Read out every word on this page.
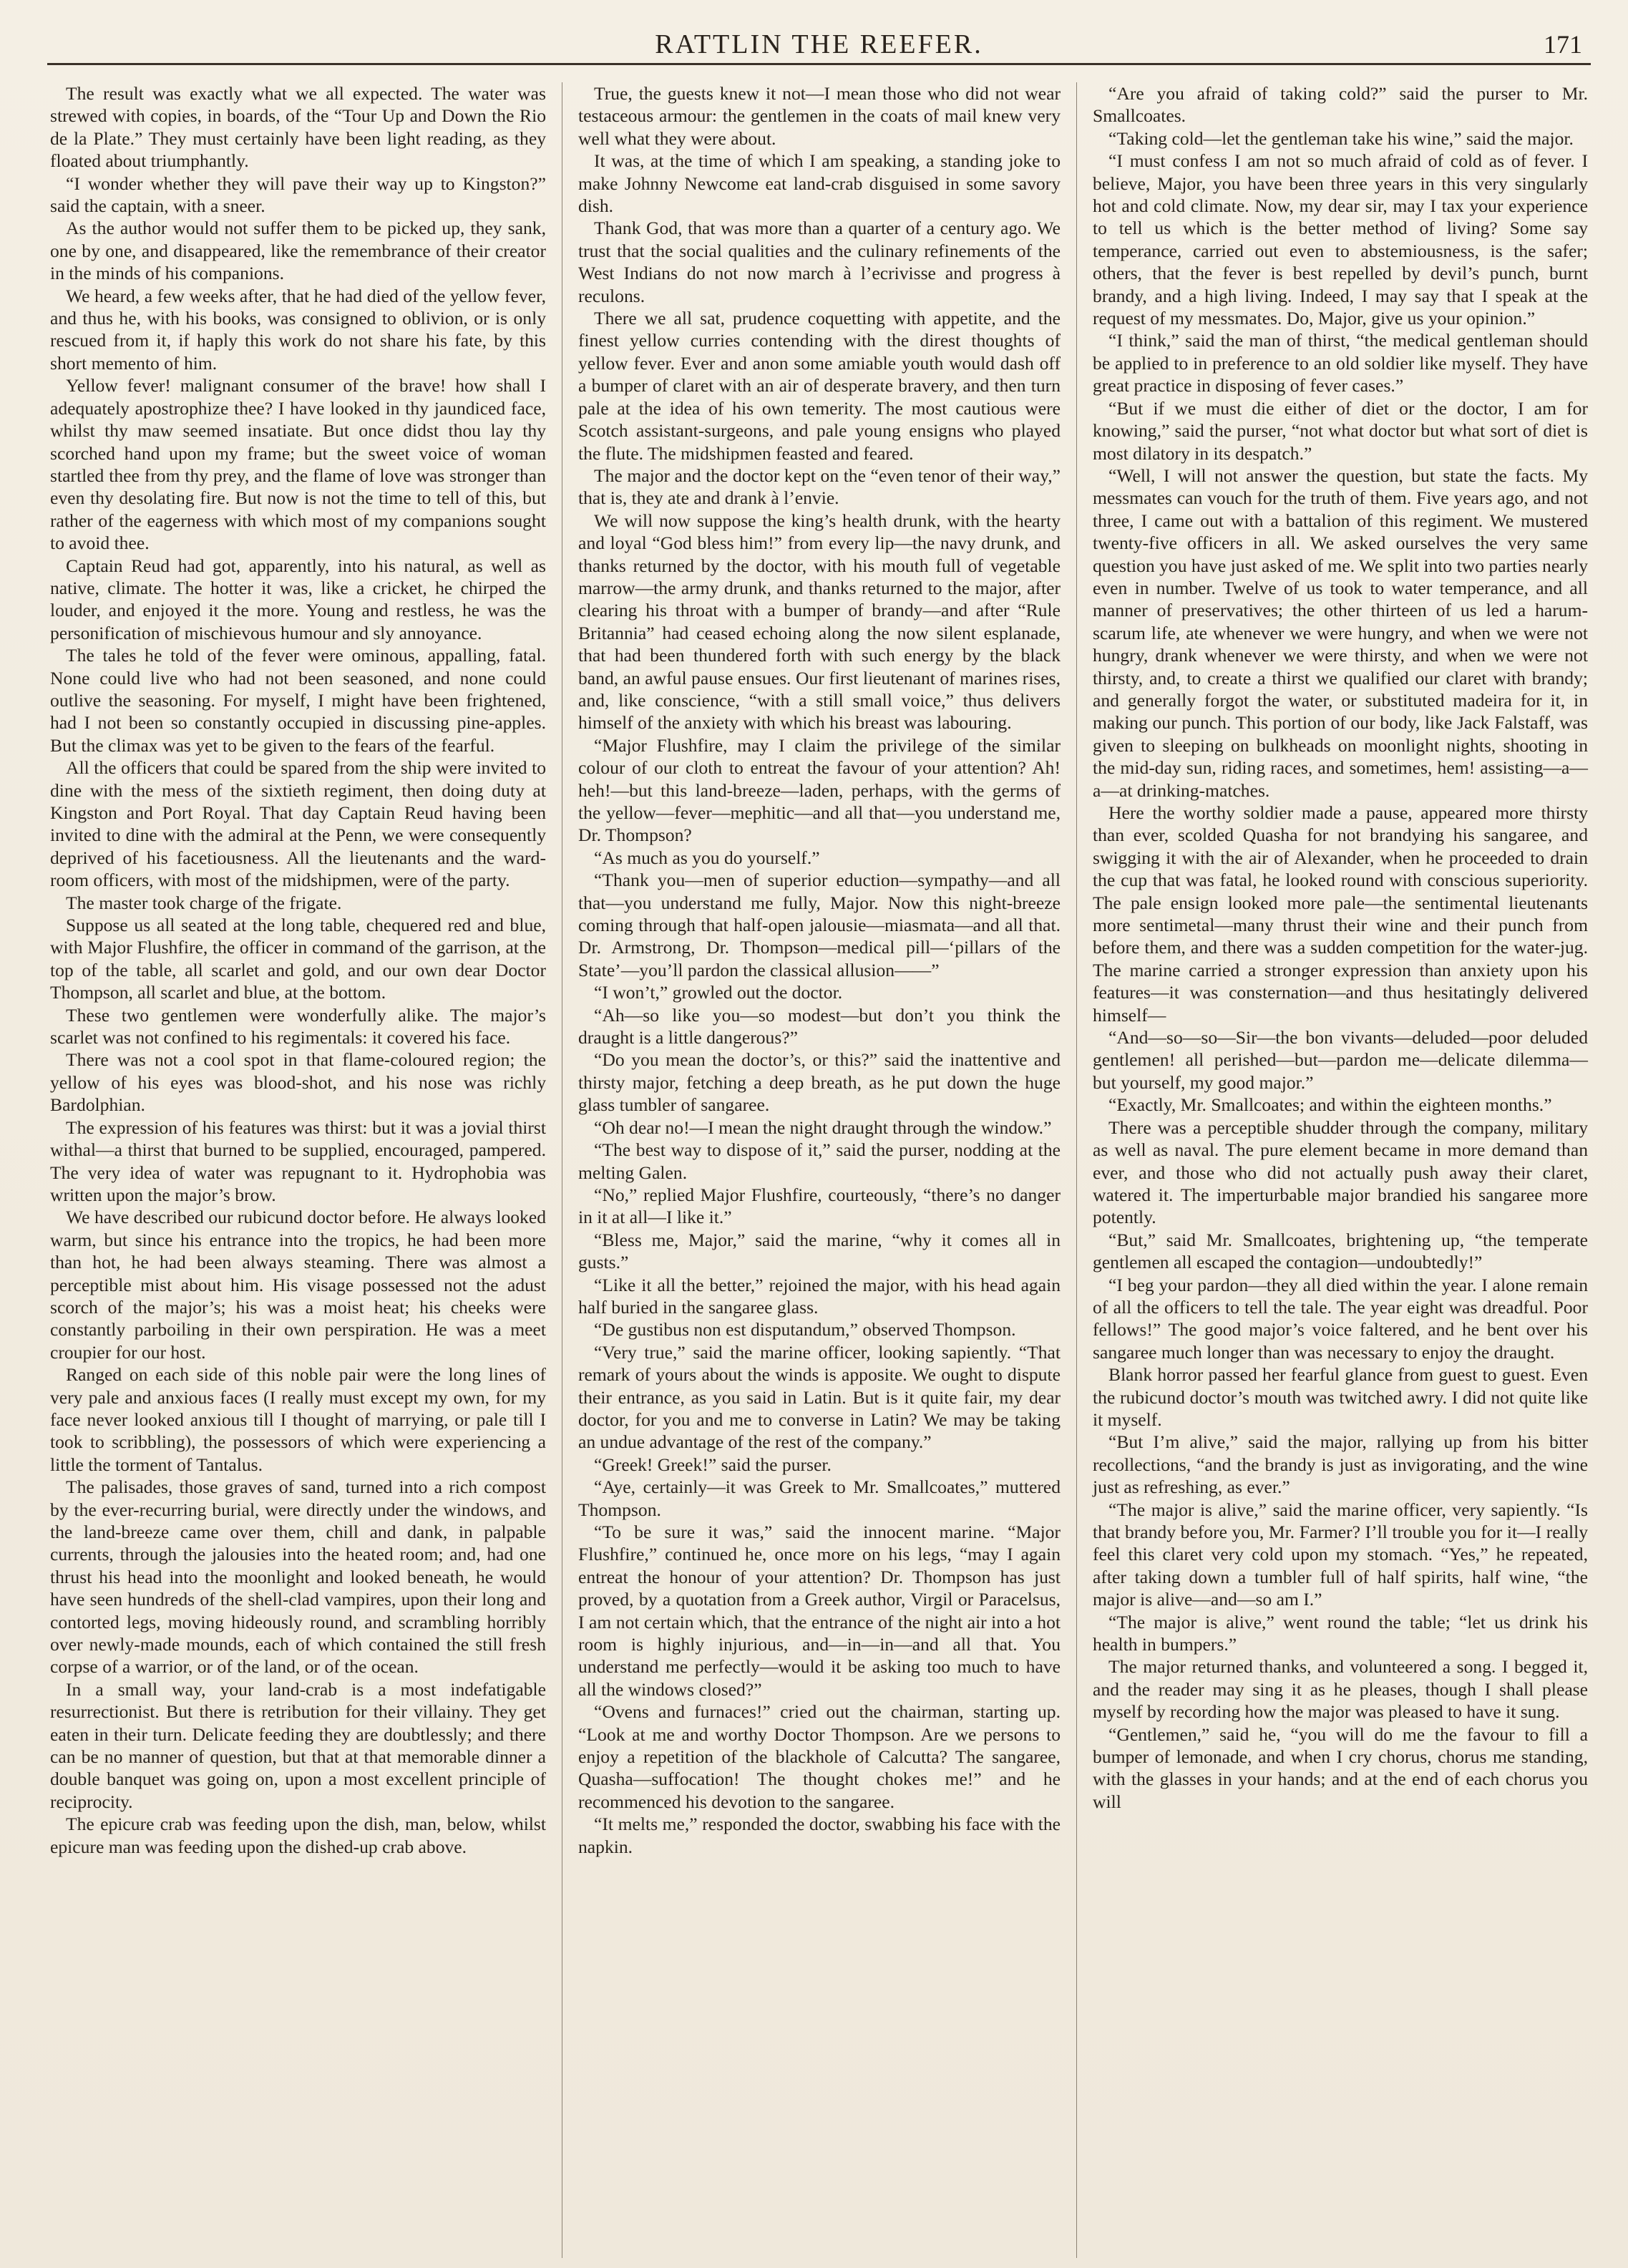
RATTLIN THE REEFER.	171

The result was exactly what we all expected. The water was strewed with copies, in boards, of the “Tour Up and Down the Rio de la Plate.” They must certainly have been light reading, as they floated about triumphantly.

“I wonder whether they will pave their way up to Kingston?” said the captain, with a sneer.

As the author would not suffer them to be picked up, they sank, one by one, and disappeared, like the remembrance of their creator in the minds of his companions.

We heard, a few weeks after, that he had died of the yellow fever, and thus he, with his books, was consigned to oblivion, or is only rescued from it, if haply this work do not share his fate, by this short memento of him.

Yellow fever! malignant consumer of the brave! how shall I adequately apostrophize thee? I have looked in thy jaundiced face, whilst thy maw seemed insatiate. But once didst thou lay thy scorched hand upon my frame; but the sweet voice of woman startled thee from thy prey, and the flame of love was stronger than even thy desolating fire. But now is not the time to tell of this, but rather of the eagerness with which most of my companions sought to avoid thee.

Captain Reud had got, apparently, into his natural, as well as native, climate. The hotter it was, like a cricket, he chirped the louder, and enjoyed it the more. Young and restless, he was the personification of mischievous humour and sly annoyance.

The tales he told of the fever were ominous, appalling, fatal. None could live who had not been seasoned, and none could outlive the seasoning. For myself, I might have been frightened, had I not been so constantly occupied in discussing pine-apples. But the climax was yet to be given to the fears of the fearful.

All the officers that could be spared from the ship were invited to dine with the mess of the sixtieth regiment, then doing duty at Kingston and Port Royal. That day Captain Reud having been invited to dine with the admiral at the Penn, we were consequently deprived of his facetiousness. All the lieutenants and the ward-room officers, with most of the midshipmen, were of the party.

The master took charge of the frigate.

Suppose us all seated at the long table, chequered red and blue, with Major Flushfire, the officer in command of the garrison, at the top of the table, all scarlet and gold, and our own dear Doctor Thompson, all scarlet and blue, at the bottom.

These two gentlemen were wonderfully alike. The major’s scarlet was not confined to his regimentals: it covered his face.

There was not a cool spot in that flame-coloured region; the yellow of his eyes was blood-shot, and his nose was richly Bardolphian.

The expression of his features was thirst: but it was a jovial thirst withal—a thirst that burned to be supplied, encouraged, pampered. The very idea of water was repugnant to it. Hydrophobia was written upon the major’s brow.

We have described our rubicund doctor before. He always looked warm, but since his entrance into the tropics, he had been more than hot, he had been always steaming. There was almost a perceptible mist about him. His visage possessed not the adust scorch of the major’s; his was a moist heat; his cheeks were constantly parboiling in their own perspiration. He was a meet croupier for our host.

Ranged on each side of this noble pair were the long lines of very pale and anxious faces (I really must except my own, for my face never looked anxious till I thought of marrying, or pale till I took to scribbling), the possessors of which were experiencing a little the torment of Tantalus.

The palisades, those graves of sand, turned into a rich compost by the ever-recurring burial, were directly under the windows, and the land-breeze came over them, chill and dank, in palpable currents, through the jalousies into the heated room; and, had one thrust his head into the moonlight and looked beneath, he would have seen hundreds of the shell-clad vampires, upon their long and contorted legs, moving hideously round, and scrambling horribly over newly-made mounds, each of which contained the still fresh corpse of a warrior, or of the land, or of the ocean.

In a small way, your land-crab is a most indefatigable resurrectionist. But there is retribution for their villainy. They get eaten in their turn. Delicate feeding they are doubtlessly; and there can be no manner of question, but that at that memorable dinner a double banquet was going on, upon a most excellent principle of reciprocity.

The epicure crab was feeding upon the dish, man, below, whilst epicure man was feeding upon the dished-up crab above.

True, the guests knew it not—I mean those who did not wear testaceous armour: the gentlemen in the coats of mail knew very well what they were about.

It was, at the time of which I am speaking, a standing joke to make Johnny Newcome eat land-crab disguised in some savory dish.

Thank God, that was more than a quarter of a century ago. We trust that the social qualities and the culinary refinements of the West Indians do not now march à l’ecrivisse and progress à reculons.

There we all sat, prudence coquetting with appetite, and the finest yellow curries contending with the direst thoughts of yellow fever. Ever and anon some amiable youth would dash off a bumper of claret with an air of desperate bravery, and then turn pale at the idea of his own temerity. The most cautious were Scotch assistant-surgeons, and pale young ensigns who played the flute. The midshipmen feasted and feared.

The major and the doctor kept on the “even tenor of their way,” that is, they ate and drank à l’envie.

We will now suppose the king’s health drunk, with the hearty and loyal “God bless him!” from every lip—the navy drunk, and thanks returned by the doctor, with his mouth full of vegetable marrow—the army drunk, and thanks returned to the major, after clearing his throat with a bumper of brandy—and after “Rule Britannia” had ceased echoing along the now silent esplanade, that had been thundered forth with such energy by the black band, an awful pause ensues. Our first lieutenant of marines rises, and, like conscience, “with a still small voice,” thus delivers himself of the anxiety with which his breast was labouring.

“Major Flushfire, may I claim the privilege of the similar colour of our cloth to entreat the favour of your attention? Ah! heh!—but this land-breeze—laden, perhaps, with the germs of the yellow—fever—mephitic—and all that—you understand me, Dr. Thompson?

“As much as you do yourself.”

“Thank you—men of superior eduction—sympathy—and all that—you understand me fully, Major. Now this night-breeze coming through that half-open jalousie—miasmata—and all that. Dr. Armstrong, Dr. Thompson—medical pill—‘pillars of the State’—you’ll pardon the classical allusion——”

“I won’t,” growled out the doctor.

“Ah—so like you—so modest—but don’t you think the draught is a little dangerous?”

“Do you mean the doctor’s, or this?” said the inattentive and thirsty major, fetching a deep breath, as he put down the huge glass tumbler of sangaree.

“Oh dear no!—I mean the night draught through the window.”

“The best way to dispose of it,” said the purser, nodding at the melting Galen.

“No,” replied Major Flushfire, courteously, “there’s no danger in it at all—I like it.”

“Bless me, Major,” said the marine, “why it comes all in gusts.”

“Like it all the better,” rejoined the major, with his head again half buried in the sangaree glass.

“De gustibus non est disputandum,” observed Thompson.

“Very true,” said the marine officer, looking sapiently. “That remark of yours about the winds is apposite. We ought to dispute their entrance, as you said in Latin. But is it quite fair, my dear doctor, for you and me to converse in Latin? We may be taking an undue advantage of the rest of the company.”

“Greek! Greek!” said the purser.

“Aye, certainly—it was Greek to Mr. Smallcoates,” muttered Thompson.

“To be sure it was,” said the innocent marine. “Major Flushfire,” continued he, once more on his legs, “may I again entreat the honour of your attention? Dr. Thompson has just proved, by a quotation from a Greek author, Virgil or Paracelsus, I am not certain which, that the entrance of the night air into a hot room is highly injurious, and—in—in—and all that. You understand me perfectly—would it be asking too much to have all the windows closed?”

“Ovens and furnaces!” cried out the chairman, starting up. “Look at me and worthy Doctor Thompson. Are we persons to enjoy a repetition of the blackhole of Calcutta? The sangaree, Quasha—suffocation! The thought chokes me!” and he recommenced his devotion to the sangaree.

“It melts me,” responded the doctor, swabbing his face with the napkin.

“Are you afraid of taking cold?” said the purser to Mr. Smallcoates.

“Taking cold—let the gentleman take his wine,” said the major.

“I must confess I am not so much afraid of cold as of fever. I believe, Major, you have been three years in this very singularly hot and cold climate. Now, my dear sir, may I tax your experience to tell us which is the better method of living? Some say temperance, carried out even to abstemiousness, is the safer; others, that the fever is best repelled by devil’s punch, burnt brandy, and a high living. Indeed, I may say that I speak at the request of my messmates. Do, Major, give us your opinion.”

“I think,” said the man of thirst, “the medical gentleman should be applied to in preference to an old soldier like myself. They have great practice in disposing of fever cases.”

“But if we must die either of diet or the doctor, I am for knowing,” said the purser, “not what doctor but what sort of diet is most dilatory in its despatch.”

“Well, I will not answer the question, but state the facts. My messmates can vouch for the truth of them. Five years ago, and not three, I came out with a battalion of this regiment. We mustered twenty-five officers in all. We asked ourselves the very same question you have just asked of me. We split into two parties nearly even in number. Twelve of us took to water temperance, and all manner of preservatives; the other thirteen of us led a harum-scarum life, ate whenever we were hungry, and when we were not hungry, drank whenever we were thirsty, and when we were not thirsty, and, to create a thirst we qualified our claret with brandy; and generally forgot the water, or substituted madeira for it, in making our punch. This portion of our body, like Jack Falstaff, was given to sleeping on bulkheads on moonlight nights, shooting in the mid-day sun, riding races, and sometimes, hem! assisting—a—a—at drinking-matches.

Here the worthy soldier made a pause, appeared more thirsty than ever, scolded Quasha for not brandying his sangaree, and swigging it with the air of Alexander, when he proceeded to drain the cup that was fatal, he looked round with conscious superiority. The pale ensign looked more pale—the sentimental lieutenants more sentimetal—many thrust their wine and their punch from before them, and there was a sudden competition for the water-jug. The marine carried a stronger expression than anxiety upon his features—it was consternation—and thus hesitatingly delivered himself—

“And—so—so—Sir—the bon vivants—deluded—poor deluded gentlemen! all perished—but—pardon me—delicate dilemma—but yourself, my good major.”

“Exactly, Mr. Smallcoates; and within the eighteen months.”

There was a perceptible shudder through the company, military as well as naval. The pure element became in more demand than ever, and those who did not actually push away their claret, watered it. The imperturbable major brandied his sangaree more potently.

“But,” said Mr. Smallcoates, brightening up, “the temperate gentlemen all escaped the contagion—undoubtedly!”

“I beg your pardon—they all died within the year. I alone remain of all the officers to tell the tale. The year eight was dreadful. Poor fellows!” The good major’s voice faltered, and he bent over his sangaree much longer than was necessary to enjoy the draught.

Blank horror passed her fearful glance from guest to guest. Even the rubicund doctor’s mouth was twitched awry. I did not quite like it myself.

“But I’m alive,” said the major, rallying up from his bitter recollections, “and the brandy is just as invigorating, and the wine just as refreshing, as ever.”

“The major is alive,” said the marine officer, very sapiently. “Is that brandy before you, Mr. Farmer? I’ll trouble you for it—I really feel this claret very cold upon my stomach. “Yes,” he repeated, after taking down a tumbler full of half spirits, half wine, “the major is alive—and—so am I.”

“The major is alive,” went round the table; “let us drink his health in bumpers.”

The major returned thanks, and volunteered a song. I begged it, and the reader may sing it as he pleases, though I shall please myself by recording how the major was pleased to have it sung.

“Gentlemen,” said he, “you will do me the favour to fill a bumper of lemonade, and when I cry chorus, chorus me standing, with the glasses in your hands; and at the end of each chorus you will
